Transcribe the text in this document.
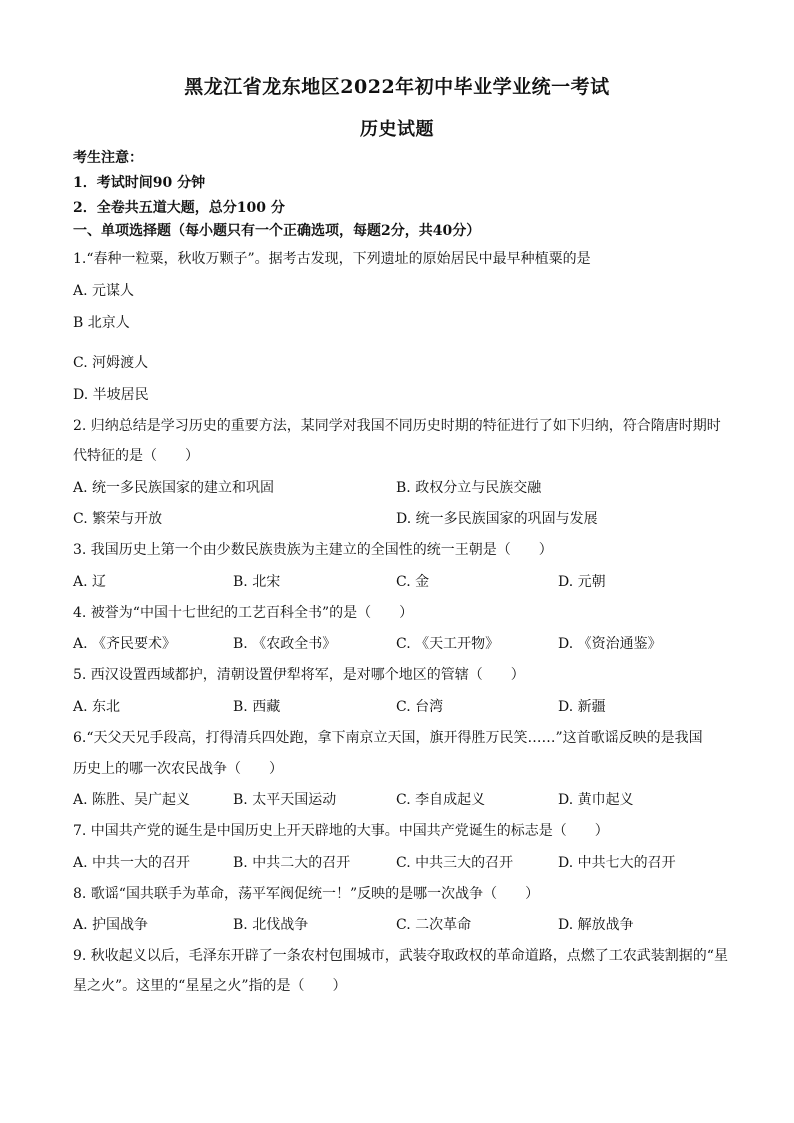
黑龙江省龙东地区2022年初中毕业学业统一考试
历史试题
考生注意：
1．考试时间90 分钟
2．全卷共五道大题，总分100 分
一、单项选择题（每小题只有一个正确选项，每题2分，共40分）
1.“春种一粒粟，秋收万颗子”。据考古发现，下列遗址的原始居民中最早种植粟的是
A. 元谋人
B 北京人
C. 河姆渡人
D. 半坡居民
2. 归纳总结是学习历史的重要方法，某同学对我国不同历史时期的特征进行了如下归纳，符合隋唐时期时
代特征的是（　　）
A. 统一多民族国家的建立和巩固	B. 政权分立与民族交融
C. 繁荣与开放	D. 统一多民族国家的巩固与发展
3. 我国历史上第一个由少数民族贵族为主建立的全国性的统一王朝是（　　）
A. 辽	B. 北宋	C. 金	D. 元朝
4. 被誉为“中国十七世纪的工艺百科全书”的是（　　）
A. 《齐民要术》	B. 《农政全书》	C. 《天工开物》	D. 《资治通鉴》
5. 西汉设置西域都护，清朝设置伊犁将军，是对哪个地区的管辖（　　）
A. 东北	B. 西藏	C. 台湾	D. 新疆
6.“天父天兄手段高，打得清兵四处跑，拿下南京立天国，旗开得胜万民笑……”这首歌谣反映的是我国
历史上的哪一次农民战争（　　）
A. 陈胜、吴广起义	B. 太平天国运动	C. 李自成起义	D. 黄巾起义
7. 中国共产党的诞生是中国历史上开天辟地的大事。中国共产党诞生的标志是（　　）
A. 中共一大的召开	B. 中共二大的召开	C. 中共三大的召开	D. 中共七大的召开
8. 歌谣“国共联手为革命，荡平军阀促统一！”反映的是哪一次战争（　　）
A. 护国战争	B. 北伐战争	C. 二次革命	D. 解放战争
9. 秋收起义以后，毛泽东开辟了一条农村包围城市，武装夺取政权的革命道路，点燃了工农武装割据的“星
星之火”。这里的“星星之火”指的是（　　）
